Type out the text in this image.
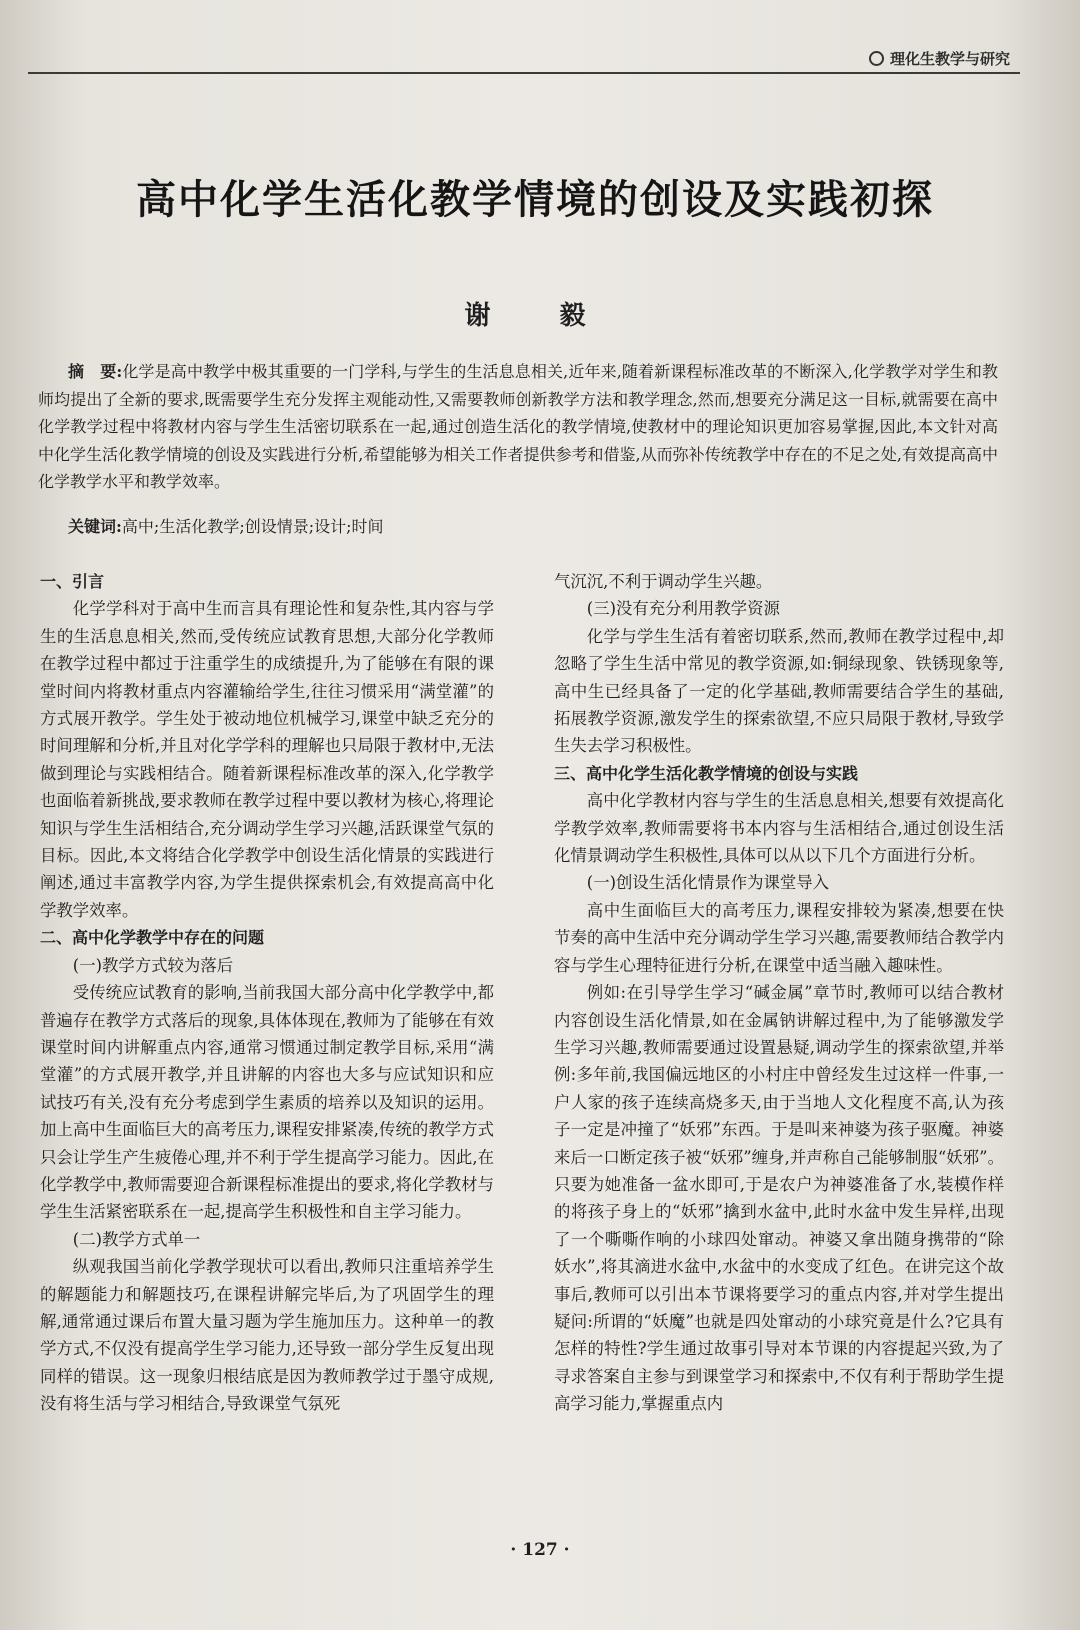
理化生教学与研究
高中化学生活化教学情境的创设及实践初探
谢 毅
摘　要:化学是高中教学中极其重要的一门学科,与学生的生活息息相关,近年来,随着新课程标准改革的不断深入,化学教学对学生和教师均提出了全新的要求,既需要学生充分发挥主观能动性,又需要教师创新教学方法和教学理念,然而,想要充分满足这一目标,就需要在高中化学教学过程中将教材内容与学生生活密切联系在一起,通过创造生活化的教学情境,使教材中的理论知识更加容易掌握,因此,本文针对高中化学生活化教学情境的创设及实践进行分析,希望能够为相关工作者提供参考和借鉴,从而弥补传统教学中存在的不足之处,有效提高高中化学教学水平和教学效率。
关键词:高中;生活化教学;创设情景;设计;时间

一、引言

化学学科对于高中生而言具有理论性和复杂性,其内容与学生的生活息息相关,然而,受传统应试教育思想,大部分化学教师在教学过程中都过于注重学生的成绩提升,为了能够在有限的课堂时间内将教材重点内容灌输给学生,往往习惯采用“满堂灌”的方式展开教学。学生处于被动地位机械学习,课堂中缺乏充分的时间理解和分析,并且对化学学科的理解也只局限于教材中,无法做到理论与实践相结合。随着新课程标准改革的深入,化学教学也面临着新挑战,要求教师在教学过程中要以教材为核心,将理论知识与学生生活相结合,充分调动学生学习兴趣,活跃课堂气氛的目标。因此,本文将结合化学教学中创设生活化情景的实践进行阐述,通过丰富教学内容,为学生提供探索机会,有效提高高中化学教学效率。

二、高中化学教学中存在的问题

(一)教学方式较为落后

受传统应试教育的影响,当前我国大部分高中化学教学中,都普遍存在教学方式落后的现象,具体体现在,教师为了能够在有效课堂时间内讲解重点内容,通常习惯通过制定教学目标,采用“满堂灌”的方式展开教学,并且讲解的内容也大多与应试知识和应试技巧有关,没有充分考虑到学生素质的培养以及知识的运用。加上高中生面临巨大的高考压力,课程安排紧凑,传统的教学方式只会让学生产生疲倦心理,并不利于学生提高学习能力。因此,在化学教学中,教师需要迎合新课程标准提出的要求,将化学教材与学生生活紧密联系在一起,提高学生积极性和自主学习能力。

(二)教学方式单一

纵观我国当前化学教学现状可以看出,教师只注重培养学生的解题能力和解题技巧,在课程讲解完毕后,为了巩固学生的理解,通常通过课后布置大量习题为学生施加压力。这种单一的教学方式,不仅没有提高学生学习能力,还导致一部分学生反复出现同样的错误。这一现象归根结底是因为教师教学过于墨守成规,没有将生活与学习相结合,导致课堂气氛死

气沉沉,不利于调动学生兴趣。

(三)没有充分利用教学资源

化学与学生生活有着密切联系,然而,教师在教学过程中,却忽略了学生生活中常见的教学资源,如:铜绿现象、铁锈现象等,高中生已经具备了一定的化学基础,教师需要结合学生的基础,拓展教学资源,激发学生的探索欲望,不应只局限于教材,导致学生失去学习积极性。

三、高中化学生活化教学情境的创设与实践

高中化学教材内容与学生的生活息息相关,想要有效提高化学教学效率,教师需要将书本内容与生活相结合,通过创设生活化情景调动学生积极性,具体可以从以下几个方面进行分析。

(一)创设生活化情景作为课堂导入

高中生面临巨大的高考压力,课程安排较为紧凑,想要在快节奏的高中生活中充分调动学生学习兴趣,需要教师结合教学内容与学生心理特征进行分析,在课堂中适当融入趣味性。

例如:在引导学生学习“碱金属”章节时,教师可以结合教材内容创设生活化情景,如在金属钠讲解过程中,为了能够激发学生学习兴趣,教师需要通过设置悬疑,调动学生的探索欲望,并举例:多年前,我国偏远地区的小村庄中曾经发生过这样一件事,一户人家的孩子连续高烧多天,由于当地人文化程度不高,认为孩子一定是冲撞了“妖邪”东西。于是叫来神婆为孩子驱魔。神婆来后一口断定孩子被“妖邪”缠身,并声称自己能够制服“妖邪”。只要为她准备一盆水即可,于是农户为神婆准备了水,装模作样的将孩子身上的“妖邪”擒到水盆中,此时水盆中发生异样,出现了一个嘶嘶作响的小球四处窜动。神婆又拿出随身携带的“除妖水”,将其滴进水盆中,水盆中的水变成了红色。在讲完这个故事后,教师可以引出本节课将要学习的重点内容,并对学生提出疑问:所谓的“妖魔”也就是四处窜动的小球究竟是什么?它具有怎样的特性?学生通过故事引导对本节课的内容提起兴致,为了寻求答案自主参与到课堂学习和探索中,不仅有利于帮助学生提高学习能力,掌握重点内

· 127 ·
